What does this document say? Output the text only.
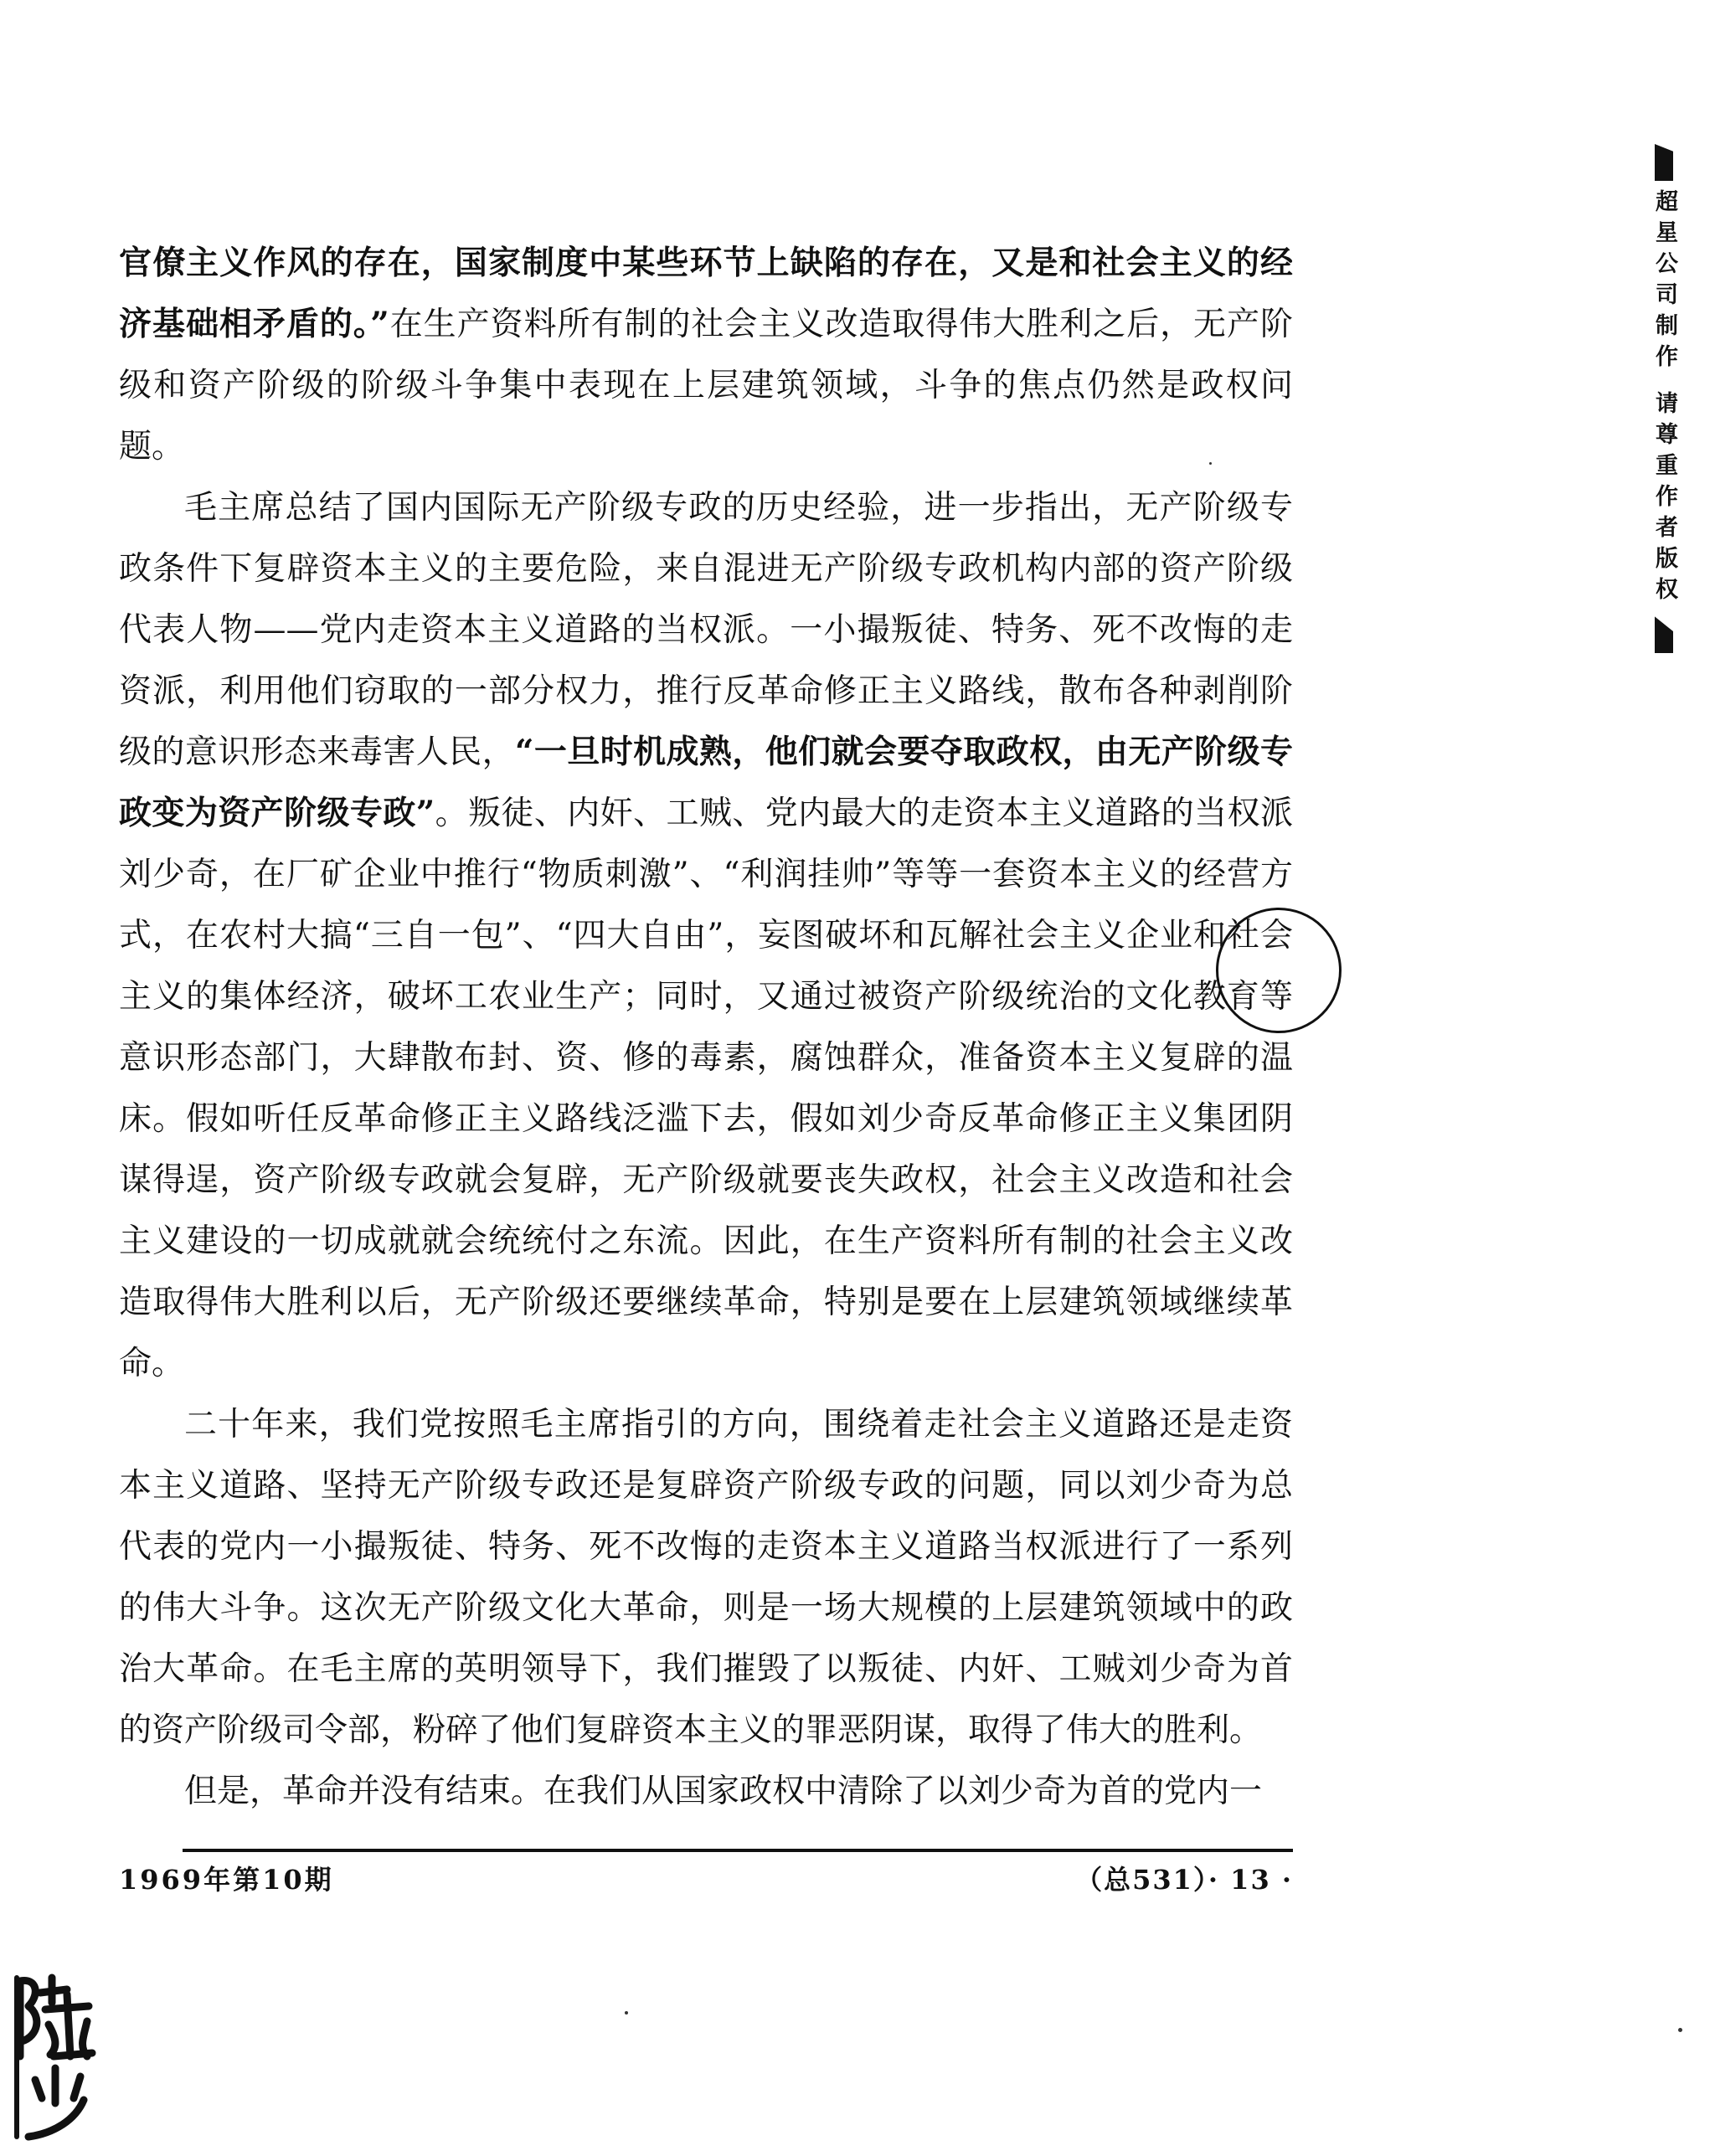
官僚主义作风的存在，国家制度中某些环节上缺陷的存在，又是和社会主义的经济基础相矛盾的。”在生产资料所有制的社会主义改造取得伟大胜利之后，无产阶级和资产阶级的阶级斗争集中表现在上层建筑领域，斗争的焦点仍然是政权问题。

毛主席总结了国内国际无产阶级专政的历史经验，进一步指出，无产阶级专政条件下复辟资本主义的主要危险，来自混进无产阶级专政机构内部的资产阶级代表人物——党内走资本主义道路的当权派。一小撮叛徒、特务、死不改悔的走资派，利用他们窃取的一部分权力，推行反革命修正主义路线，散布各种剥削阶级的意识形态来毒害人民，“一旦时机成熟，他们就会要夺取政权，由无产阶级专政变为资产阶级专政”。叛徒、内奸、工贼、党内最大的走资本主义道路的当权派刘少奇，在厂矿企业中推行“物质刺激”、“利润挂帅”等等一套资本主义的经营方式，在农村大搞“三自一包”、“四大自由”，妄图破坏和瓦解社会主义企业和社会主义的集体经济，破坏工农业生产；同时，又通过被资产阶级统治的文化教育等意识形态部门，大肆散布封、资、修的毒素，腐蚀群众，准备资本主义复辟的温床。假如听任反革命修正主义路线泛滥下去，假如刘少奇反革命修正主义集团阴谋得逞，资产阶级专政就会复辟，无产阶级就要丧失政权，社会主义改造和社会主义建设的一切成就就会统统付之东流。因此，在生产资料所有制的社会主义改造取得伟大胜利以后，无产阶级还要继续革命，特别是要在上层建筑领域继续革命。

二十年来，我们党按照毛主席指引的方向，围绕着走社会主义道路还是走资本主义道路、坚持无产阶级专政还是复辟资产阶级专政的问题，同以刘少奇为总代表的党内一小撮叛徒、特务、死不改悔的走资本主义道路当权派进行了一系列的伟大斗争。这次无产阶级文化大革命，则是一场大规模的上层建筑领域中的政治大革命。在毛主席的英明领导下，我们摧毁了以叛徒、内奸、工贼刘少奇为首的资产阶级司令部，粉碎了他们复辟资本主义的罪恶阴谋，取得了伟大的胜利。

但是，革命并没有结束。在我们从国家政权中清除了以刘少奇为首的党内一

1969年第10期	（总531）· 13 ·
超星公司制作 请尊重作者版权
